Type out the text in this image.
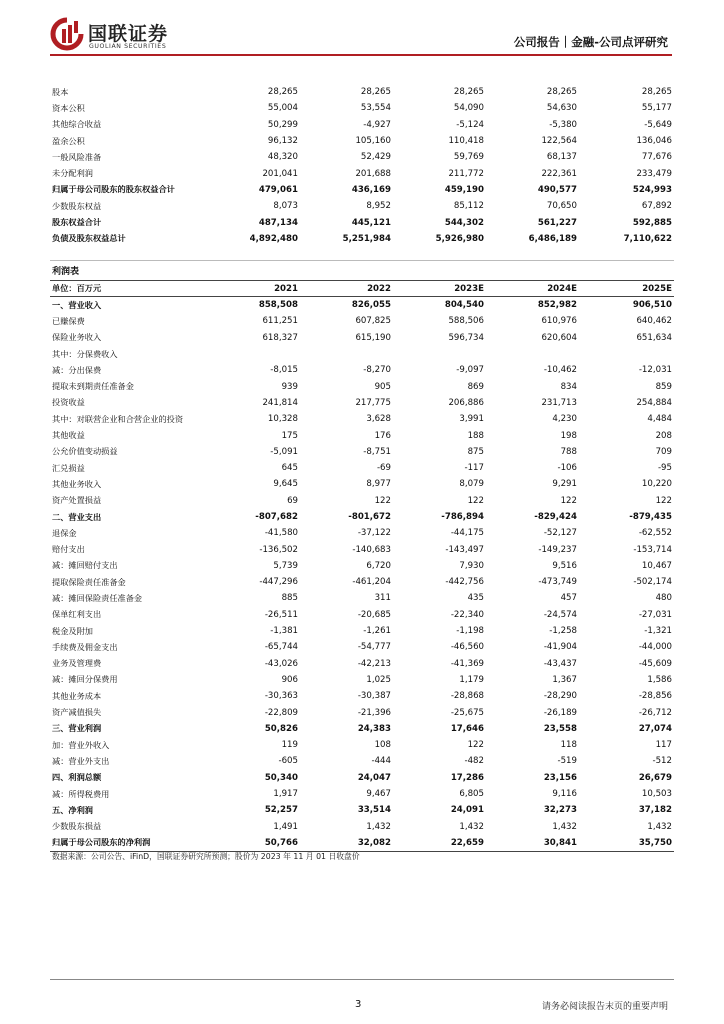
国联证券
GUOLIAN SECURITIES	公司报告｜金融-公司点评研究
股本	28,265	28,265	28,265	28,265	28,265
资本公积	55,004	53,554	54,090	54,630	55,177
其他综合收益	50,299	-4,927	-5,124	-5,380	-5,649
盈余公积	96,132	105,160	110,418	122,564	136,046
一般风险准备	48,320	52,429	59,769	68,137	77,676
未分配利润	201,041	201,688	211,772	222,361	233,479
归属于母公司股东的股东权益合计	479,061	436,169	459,190	490,577	524,993
少数股东权益	8,073	8,952	85,112	70,650	67,892
股东权益合计	487,134	445,121	544,302	561,227	592,885
负债及股东权益总计	4,892,480	5,251,984	5,926,980	6,486,189	7,110,622
利润表
单位：百万元	2021	2022	2023E	2024E	2025E
一、营业收入	858,508	826,055	804,540	852,982	906,510
已赚保费	611,251	607,825	588,506	610,976	640,462
保险业务收入	618,327	615,190	596,734	620,604	651,634
其中：分保费收入					
减：分出保费	-8,015	-8,270	-9,097	-10,462	-12,031
提取未到期责任准备金	939	905	869	834	859
投资收益	241,814	217,775	206,886	231,713	254,884
其中：对联营企业和合营企业的投资	10,328	3,628	3,991	4,230	4,484
其他收益	175	176	188	198	208
公允价值变动损益	-5,091	-8,751	875	788	709
汇兑损益	645	-69	-117	-106	-95
其他业务收入	9,645	8,977	8,079	9,291	10,220
资产处置损益	69	122	122	122	122
二、营业支出	-807,682	-801,672	-786,894	-829,424	-879,435
退保金	-41,580	-37,122	-44,175	-52,127	-62,552
赔付支出	-136,502	-140,683	-143,497	-149,237	-153,714
减：摊回赔付支出	5,739	6,720	7,930	9,516	10,467
提取保险责任准备金	-447,296	-461,204	-442,756	-473,749	-502,174
减：摊回保险责任准备金	885	311	435	457	480
保单红利支出	-26,511	-20,685	-22,340	-24,574	-27,031
税金及附加	-1,381	-1,261	-1,198	-1,258	-1,321
手续费及佣金支出	-65,744	-54,777	-46,560	-41,904	-44,000
业务及管理费	-43,026	-42,213	-41,369	-43,437	-45,609
减：摊回分保费用	906	1,025	1,179	1,367	1,586
其他业务成本	-30,363	-30,387	-28,868	-28,290	-28,856
资产减值损失	-22,809	-21,396	-25,675	-26,189	-26,712
三、营业利润	50,826	24,383	17,646	23,558	27,074
加：营业外收入	119	108	122	118	117
减：营业外支出	-605	-444	-482	-519	-512
四、利润总额	50,340	24,047	17,286	23,156	26,679
减：所得税费用	1,917	9,467	6,805	9,116	10,503
五、净利润	52,257	33,514	24,091	32,273	37,182
少数股东损益	1,491	1,432	1,432	1,432	1,432
归属于母公司股东的净利润	50,766	32,082	22,659	30,841	35,750
数据来源：公司公告、iFinD，国联证券研究所预测；股价为 2023 年 11 月 01 日收盘价
3	请务必阅读报告末页的重要声明
